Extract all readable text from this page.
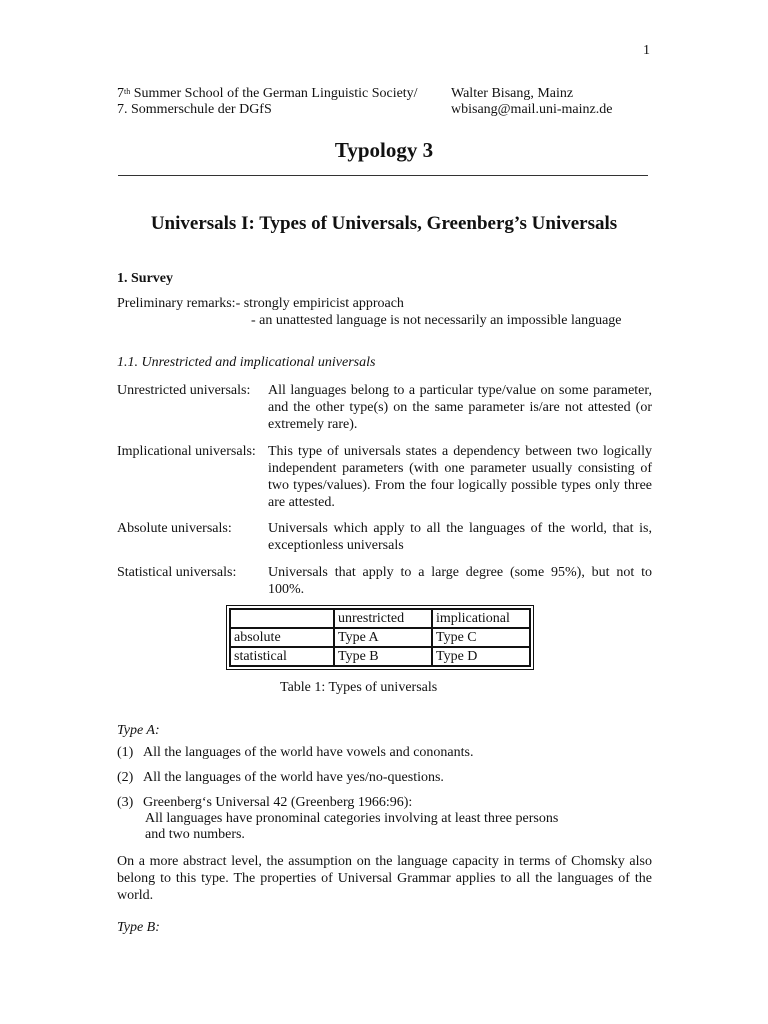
1
7th Summer School of the German Linguistic Society/
7. Sommerschule der DGfS
Walter Bisang, Mainz
wbisang@mail.uni-mainz.de
Typology 3
Universals I: Types of Universals, Greenberg’s Universals
1. Survey
Preliminary remarks:- strongly empiricist approach
- an unattested language is not necessarily an impossible language
1.1. Unrestricted and implicational universals
Unrestricted universals: All languages belong to a particular type/value on some parameter, and the other type(s) on the same parameter is/are not attested (or extremely rare).
Implicational universals: This type of universals states a dependency between two logically independent parameters (with one parameter usually consisting of two types/values). From the four logically possible types only three are attested.
Absolute universals:	Universals which apply to all the languages of the world, that is, exceptionless universals
Statistical universals: Universals that apply to a large degree (some 95%), but not to 100%.
	unrestricted	implicational
absolute	Type A	Type C
statistical	Type B	Type D
Table 1: Types of universals
Type A:
(1) All the languages of the world have vowels and cononants.
(2) All the languages of the world have yes/no-questions.
(3) Greenberg‘s Universal 42 (Greenberg 1966:96):
All languages have pronominal categories involving at least three persons
and two numbers.
On a more abstract level, the assumption on the language capacity in terms of Chomsky also belong to this type. The properties of Universal Grammar applies to all the languages of the world.
Type B:
